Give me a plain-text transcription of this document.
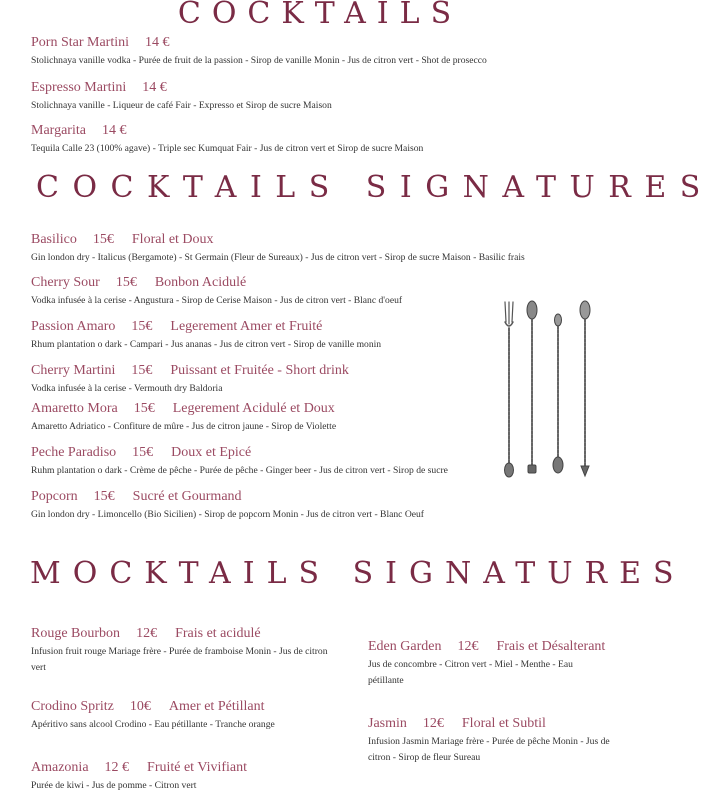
COCKTAILS
Porn Star Martini 14 €
Stolichnaya vanille vodka - Purée de fruit de la passion - Sirop de vanille Monin - Jus de citron vert - Shot de prosecco
Espresso Martini 14 €
Stolichnaya vanille - Liqueur de café Fair - Expresso et Sirop de sucre Maison
Margarita 14 €
Tequila Calle 23 (100% agave) - Triple sec Kumquat Fair - Jus de citron vert et Sirop de sucre Maison
COCKTAILS SIGNATURES
Basilico 15€ Floral et Doux
Gin london dry - Italicus (Bergamote) - St Germain (Fleur de Sureaux) - Jus de citron vert - Sirop de sucre Maison - Basilic frais
Cherry Sour 15€ Bonbon Acidulé
Vodka infusée à la cerise - Angustura - Sirop de Cerise Maison - Jus de citron vert - Blanc d'oeuf
Passion Amaro 15€ Legerement Amer et Fruité
Rhum plantation o dark - Campari - Jus ananas - Jus de citron vert - Sirop de vanille monin
Cherry Martini 15€ Puissant et Fruitée - Short drink
Vodka infusée à la cerise - Vermouth dry Baldoria
Amaretto Mora 15€ Legerement Acidulé et Doux
Amaretto Adriatico - Confiture de mûre - Jus de citron jaune - Sirop de Violette
Peche Paradiso 15€ Doux et Epicé
Ruhm plantation o dark - Crème de pêche - Purée de pêche - Ginger beer - Jus de citron vert - Sirop de sucre
Popcorn 15€ Sucré et Gourmand
Gin london dry - Limoncello (Bio Sicilien) - Sirop de popcorn Monin - Jus de citron vert - Blanc Oeuf
MOCKTAILS SIGNATURES
Rouge Bourbon 12€ Frais et acidulé
Infusion fruit rouge Mariage frère - Purée de framboise Monin - Jus de citron vert
Crodino Spritz 10€ Amer et Pétillant
Apéritivo sans alcool Crodino - Eau pétillante - Tranche orange
Amazonia 12 € Fruité et Vivifiant
Purée de kiwi - Jus de pomme - Citron vert
Eden Garden 12€ Frais et Désalterant
Jus de concombre - Citron vert - Miel - Menthe - Eau pétillante
Jasmin 12€ Floral et Subtil
Infusion Jasmin Mariage frère - Purée de pêche Monin - Jus de citron - Sirop de fleur Sureau
